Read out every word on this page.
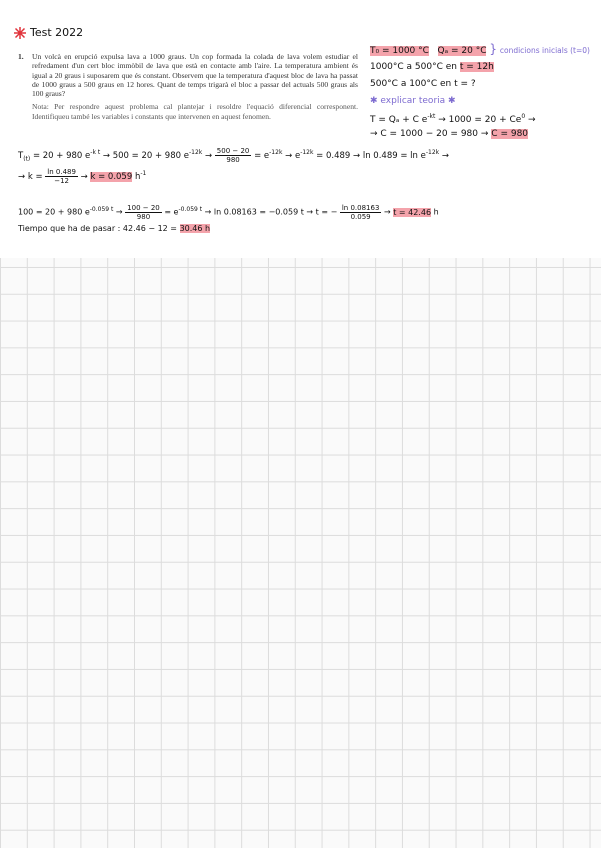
Test 2022
1. Un volcà en erupció expulsa lava a 1000 graus. Un cop formada la colada de lava volem estudiar el refredament d'un cert bloc immòbil de lava que està en contacte amb l'aire. La temperatura ambient és igual a 20 graus i suposarem que és constant. Observem que la temperatura d'aquest bloc de lava ha passat de 1000 graus a 500 graus en 12 hores. Quant de temps trigarà el bloc a passar del actuals 500 graus als 100 graus?
Nota: Per respondre aquest problema cal plantejar i resoldre l'equació diferencial corresponent. Identifiqueu també les variables i constants que intervenen en aquest fenomen.
T₀ = 1000 °C Qₐ = 20 °C } condicions inicials (t=0)
1000°C a 500°C en t = 12h
500°C a 100°C en t = ?
✱ explicar teoria ✱
T = Qₐ + C $e^{-kt} \to 1000 = 20 + Ce^0$ →
→ C = 1000 − 20 = 980 → C = 980
$T_{(t)} = 20 + 980$ $e^{-k t} \to 500 = 20 + 980$ $e^{-12k} \to \frac{500 - 20}{980} = e^{-12k} \to e^{-12k} = 0.489 \to \ln 0.489 = \ln e^{-12k}$ →
→ $k = \frac{\ln 0.489}{-12} \to k = 0.059$ $h^{-1}$
100 = 20 + 980 $e^{-0.059 t} \to \frac{100 - 20}{980} = e^{-0.059 t} \to \ln 0.08163 = -0.059$ t → t = − $\frac{\ln 0.08163}{0.059} \to t = 42.46$ h
Tiempo que ha de pasar : 42.46 − 12 = 30.46 h
